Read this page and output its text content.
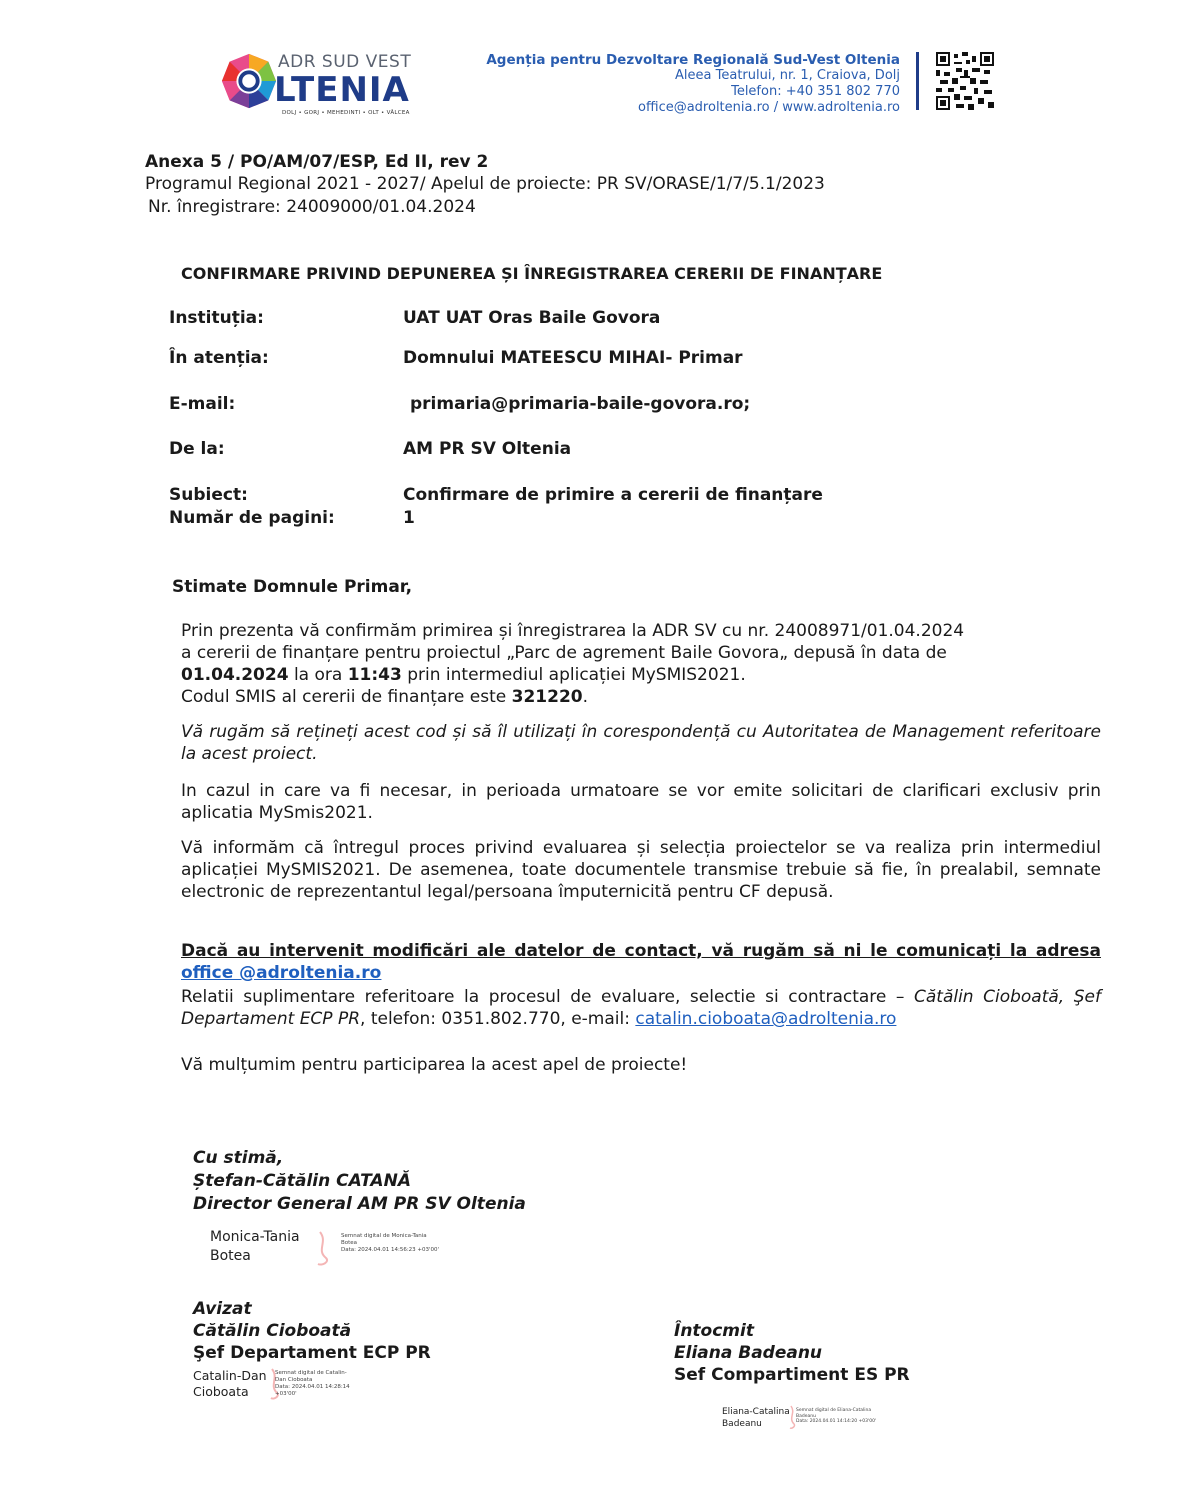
ADR SUD VEST
LTENIA
DOLJ • GORJ • MEHEDINTI • OLT • VÂLCEA
Agenția pentru Dezvoltare Regională Sud-Vest Oltenia
Aleea Teatrului, nr. 1, Craiova, Dolj
Telefon: +40 351 802 770
office@adroltenia.ro / www.adroltenia.ro
Anexa 5 / PO/AM/07/ESP, Ed II, rev 2
Programul Regional 2021 - 2027/ Apelul de proiecte: PR SV/ORASE/1/7/5.1/2023
Nr. înregistrare: 24009000/01.04.2024
CONFIRMARE PRIVIND DEPUNEREA ȘI ÎNREGISTRAREA CERERII DE FINANȚARE
Instituția:	UAT UAT Oras Baile Govora
În atenția:	Domnului MATEESCU MIHAI- Primar
E-mail:	primaria@primaria-baile-govora.ro;
De la:	AM PR SV Oltenia
Subiect:	Confirmare de primire a cererii de finanțare
Număr de pagini:	1
Stimate Domnule Primar,
Prin prezenta vă confirmăm primirea și înregistrarea la ADR SV cu nr. 24008971/01.04.2024
a cererii de finanțare pentru proiectul „Parc de agrement Baile Govora„ depusă în data de
01.04.2024 la ora 11:43 prin intermediul aplicației MySMIS2021.
Codul SMIS al cererii de finanțare este 321220.
Vă rugăm să rețineți acest cod și să îl utilizați în corespondență cu Autoritatea de Management referitoare la acest proiect.
In cazul in care va fi necesar, in perioada urmatoare se vor emite solicitari de clarificari exclusiv prin aplicatia MySmis2021.
Vă informăm că întregul proces privind evaluarea și selecția proiectelor se va realiza prin intermediul aplicației MySMIS2021. De asemenea, toate documentele transmise trebuie să fie, în prealabil, semnate electronic de reprezentantul legal/persoana împuternicită pentru CF depusă.
Dacă au intervenit modificări ale datelor de contact, vă rugăm să ni le comunicați la adresa office @adroltenia.ro
Relatii suplimentare referitoare la procesul de evaluare, selectie si contractare – Cătălin Cioboată, Şef Departament ECP PR, telefon: 0351.802.770, e-mail: catalin.cioboata@adroltenia.ro
Vă mulțumim pentru participarea la acest apel de proiecte!
Cu stimă,
Ștefan-Cătălin CATANĂ
Director General AM PR SV Oltenia
Monica-Tania
Botea
Semnat digital de Monica-Tania
Botea
Data: 2024.04.01 14:56:23 +03'00'
Avizat
Cătălin Cioboată
Şef Departament ECP PR
Catalin-Dan
Cioboata
Semnat digital de Catalin-
Dan Cioboata
Data: 2024.04.01 14:28:14
+03'00'
Întocmit
Eliana Badeanu
Sef Compartiment ES PR
Eliana-Catalina
Badeanu
Semnat digital de Eliana-Catalina
Badeanu
Data: 2024.04.01 14:14:20 +03'00'
